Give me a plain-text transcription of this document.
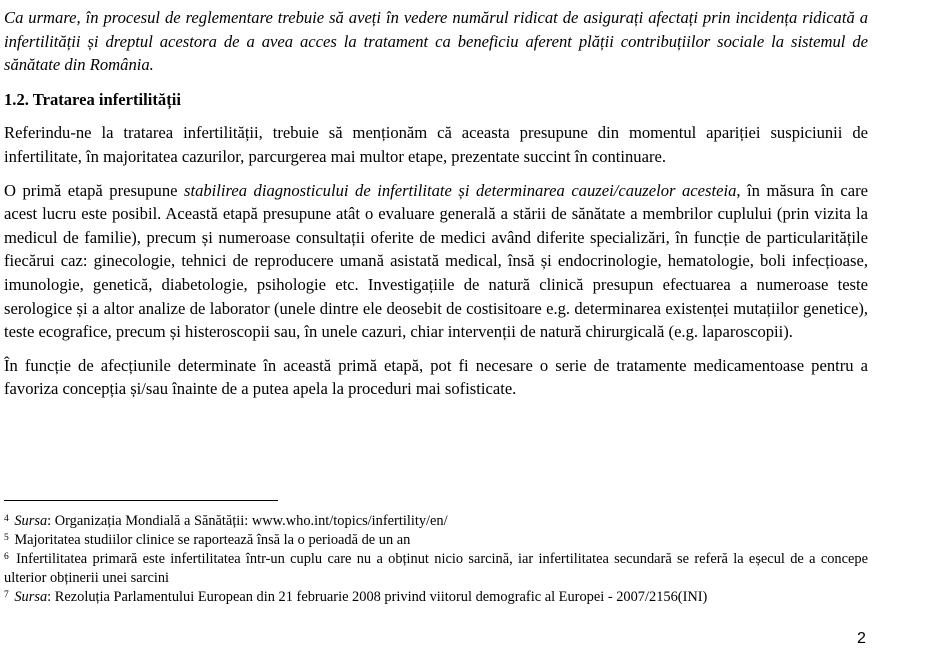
Ca urmare, în procesul de reglementare trebuie să aveți în vedere numărul ridicat de asigurați afectați prin incidența ridicată a infertilității și dreptul acestora de a avea acces la tratament ca beneficiu aferent plății contribuțiilor sociale la sistemul de sănătate din România.

1.2. Tratarea infertilității

Referindu-ne la tratarea infertilității, trebuie să menționăm că aceasta presupune din momentul apariției suspiciunii de infertilitate, în majoritatea cazurilor, parcurgerea mai multor etape, prezentate succint în continuare.

O primă etapă presupune stabilirea diagnosticului de infertilitate și determinarea cauzei/cauzelor acesteia, în măsura în care acest lucru este posibil. Această etapă presupune atât o evaluare generală a stării de sănătate a membrilor cuplului (prin vizita la medicul de familie), precum și numeroase consultații oferite de medici având diferite specializări, în funcție de particularitățile fiecărui caz: ginecologie, tehnici de reproducere umană asistată medical, însă și endocrinologie, hematologie, boli infecțioase, imunologie, genetică, diabetologie, psihologie etc. Investigațiile de natură clinică presupun efectuarea a numeroase teste serologice și a altor analize de laborator (unele dintre ele deosebit de costisitoare e.g. determinarea existenței mutațiilor genetice), teste ecografice, precum și histeroscopii sau, în unele cazuri, chiar intervenții de natură chirurgicală (e.g. laparoscopii).

În funcție de afecțiunile determinate în această primă etapă, pot fi necesare o serie de tratamente medicamentoase pentru a favoriza concepția și/sau înainte de a putea apela la proceduri mai sofisticate.

$^4$ Sursa: Organizația Mondială a Sănătății: www.who.int/topics/infertility/en/

$^5$ Majoritatea studiilor clinice se raportează însă la o perioadă de un an

$^6$ Infertilitatea primară este infertilitatea într-un cuplu care nu a obținut nicio sarcină, iar infertilitatea secundară se referă la eșecul de a concepe ulterior obținerii unei sarcini

$^7$ Sursa: Rezoluția Parlamentului European din 21 februarie 2008 privind viitorul demografic al Europei - 2007/2156(INI)

2
